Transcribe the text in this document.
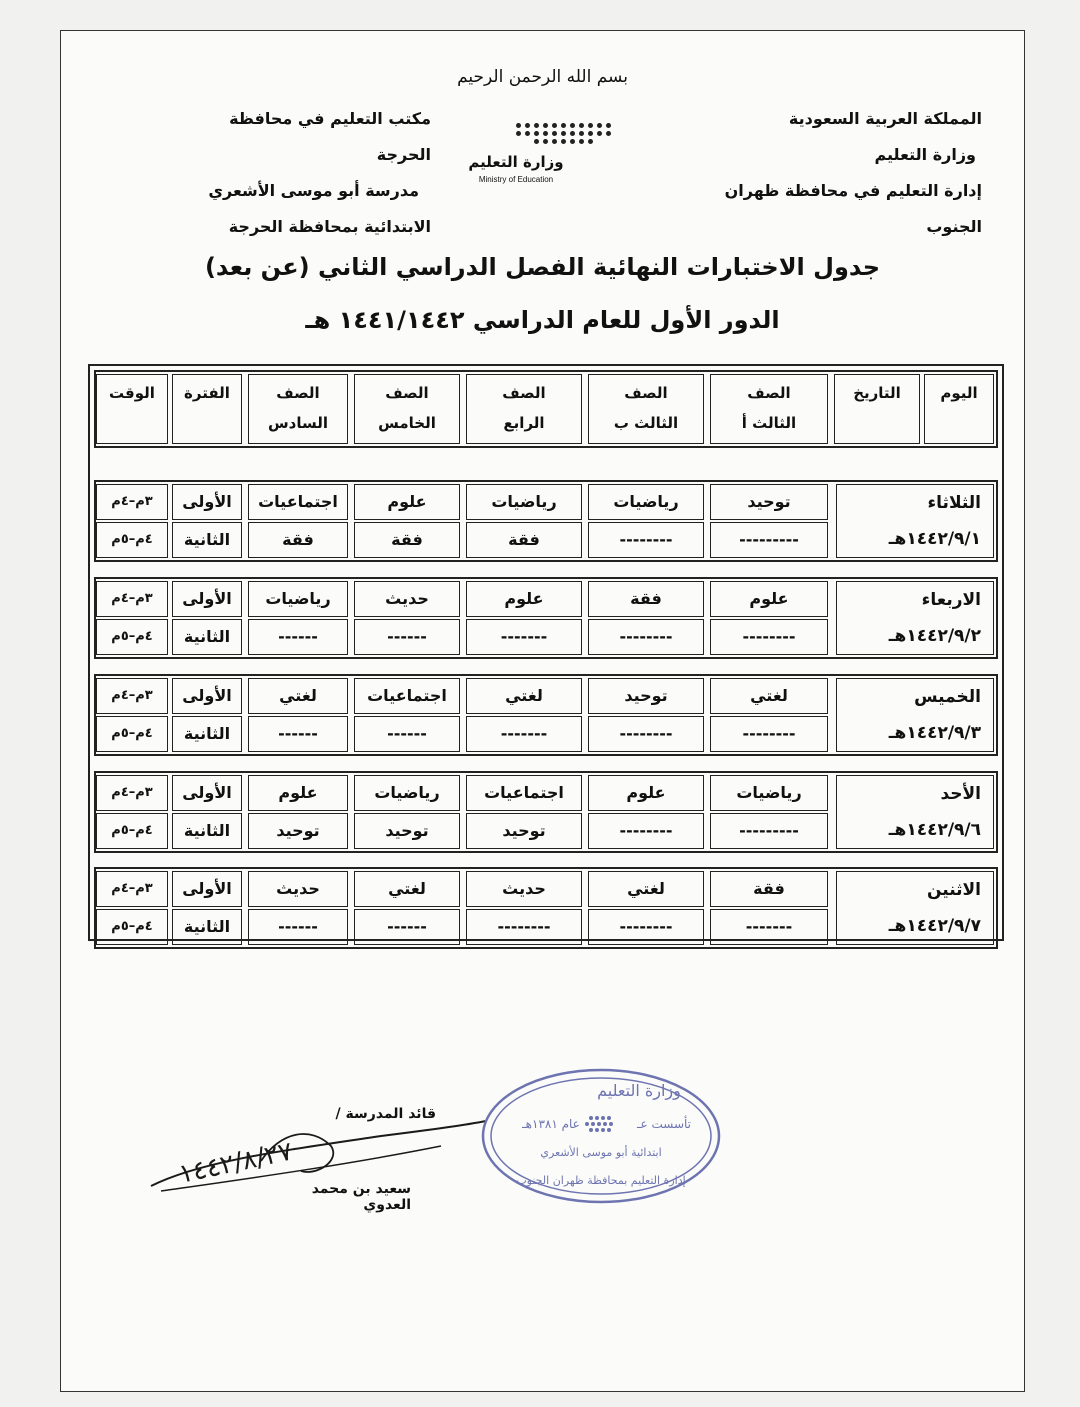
بسم الله الرحمن الرحيم
المملكة العربية السعودية
وزارة التعليم
إدارة التعليم في محافظة ظهران الجنوب
مكتب التعليم في محافظة الحرجة
مدرسة أبو موسى الأشعري
الابتدائية بمحافظة الحرجة
وزارة التعليم
Ministry of Education
جدول الاختبارات النهائية الفصل الدراسي الثاني (عن بعد)
الدور الأول للعام الدراسي ١٤٤١/١٤٤٢ هـ
اليوم
التاريخ
الصف
الثالث أ
الصف
الثالث ب
الصف
الرابع
الصف
الخامس
الصف
السادس
الفترة
الوقت
الثلاثاء
١٤٤٢/٩/١هـ
توحيد
رياضيات
رياضيات
علوم
اجتماعيات
الأولى
٣م–٤م
---------
--------
فقة
فقة
فقة
الثانية
٤م–٥م
الاربعاء
١٤٤٢/٩/٢هـ
علوم
فقة
علوم
حديث
رياضيات
الأولى
٣م–٤م
--------
--------
-------
------
------
الثانية
٤م–٥م
الخميس
١٤٤٢/٩/٣هـ
لغتي
توحيد
لغتي
اجتماعيات
لغتي
الأولى
٣م–٤م
--------
--------
-------
------
------
الثانية
٤م–٥م
الأحد
١٤٤٢/٩/٦هـ
رياضيات
علوم
اجتماعيات
رياضيات
علوم
الأولى
٣م–٤م
---------
--------
توحيد
توحيد
توحيد
الثانية
٤م–٥م
الاثنين
١٤٤٢/٩/٧هـ
فقة
لغتي
حديث
لغتي
حديث
الأولى
٣م–٤م
-------
--------
--------
------
------
الثانية
٤م–٥م
قائد المدرسة /
سعيد بن محمد العدوي
١٤٤٢/٨/٢٧
وزارة التعليم
تأسست عـ
عام ١٣٨١هـ
ابتدائية أبو موسى الأشعري
إدارة التعليم بمحافظة ظهران الجنوب
